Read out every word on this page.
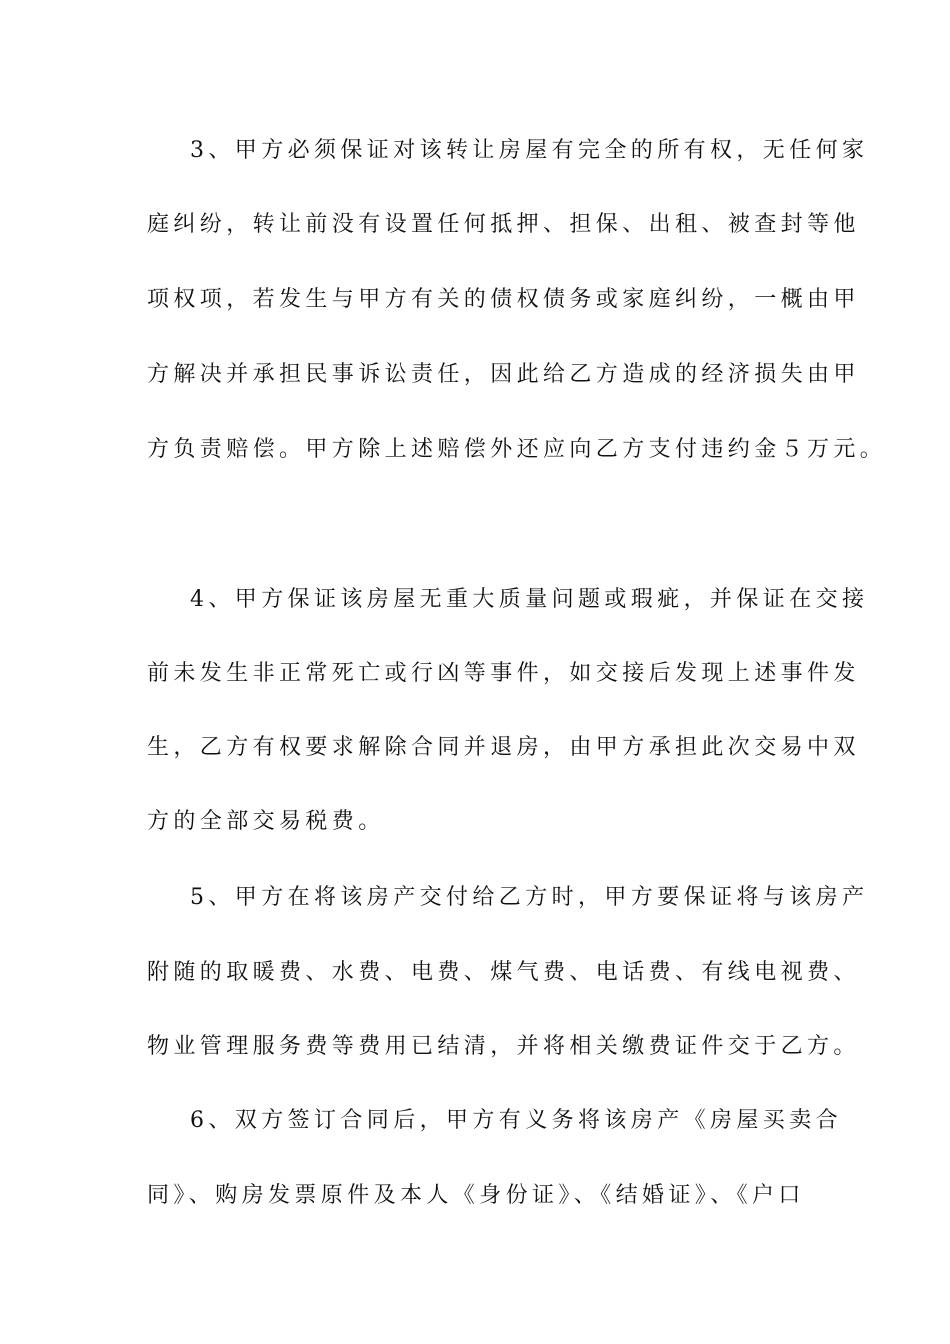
3、甲方必须保证对该转让房屋有完全的所有权，无任何家
庭纠纷，转让前没有设置任何抵押、担保、出租、被查封等他
项权项，若发生与甲方有关的债权债务或家庭纠纷，一概由甲
方解决并承担民事诉讼责任，因此给乙方造成的经济损失由甲
方负责赔偿。甲方除上述赔偿外还应向乙方支付违约金５万元。
4、甲方保证该房屋无重大质量问题或瑕疵，并保证在交接
前未发生非正常死亡或行凶等事件，如交接后发现上述事件发
生，乙方有权要求解除合同并退房，由甲方承担此次交易中双
方的全部交易税费。
5、甲方在将该房产交付给乙方时，甲方要保证将与该房产
附随的取暖费、水费、电费、煤气费、电话费、有线电视费、
物业管理服务费等费用已结清，并将相关缴费证件交于乙方。
6、双方签订合同后，甲方有义务将该房产《房屋买卖合
同》、购房发票原件及本人《身份证》、《结婚证》、《户口
